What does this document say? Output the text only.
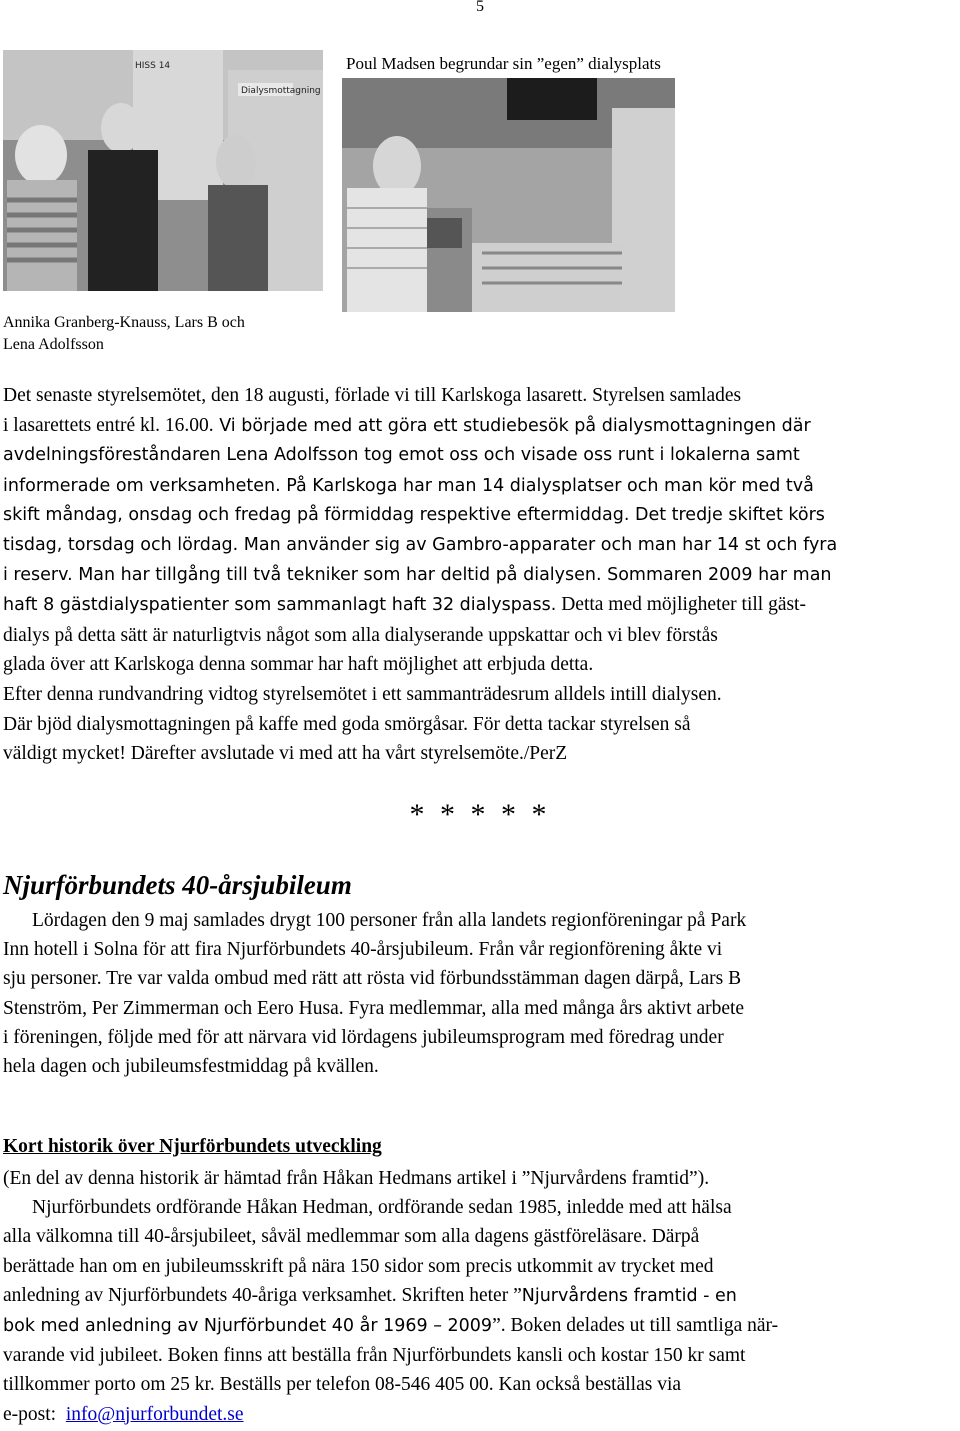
5
Dialysmottagning
HISS 14	Poul Madsen begrundar sin ”egen” dialysplats
Annika Granberg-Knauss, Lars B och
Lena Adolfsson
Det senaste styrelsemötet, den 18 augusti, förlade vi till Karlskoga lasarett. Styrelsen samlades
i lasarettets entré kl. 16.00. Vi började med att göra ett studiebesök på dialysmottagningen där
avdelningsföreståndaren Lena Adolfsson tog emot oss och visade oss runt i lokalerna samt
informerade om verksamheten. På Karlskoga har man 14 dialysplatser och man kör med två
skift måndag, onsdag och fredag på förmiddag respektive eftermiddag. Det tredje skiftet körs
tisdag, torsdag och lördag. Man använder sig av Gambro-apparater och man har 14 st och fyra
i reserv. Man har tillgång till två tekniker som har deltid på dialysen. Sommaren 2009 har man
haft 8 gästdialyspatienter som sammanlagt haft 32 dialyspass. Detta med möjligheter till gäst-
dialys på detta sätt är naturligtvis något som alla dialyserande uppskattar och vi blev förstås
glada över att Karlskoga denna sommar har haft möjlighet att erbjuda detta.
Efter denna rundvandring vidtog styrelsemötet i ett sammanträdesrum alldels intill dialysen.
Där bjöd dialysmottagningen på kaffe med goda smörgåsar. För detta tackar styrelsen så
väldigt mycket! Därefter avslutade vi med att ha vårt styrelsemöte./PerZ
* * * * *
Njurförbundets 40-årsjubileum
Lördagen den 9 maj samlades drygt 100 personer från alla landets regionföreningar på Park
Inn hotell i Solna för att fira Njurförbundets 40-årsjubileum. Från vår regionförening åkte vi
sju personer. Tre var valda ombud med rätt att rösta vid förbundsstämman dagen därpå, Lars B
Stenström, Per Zimmerman och Eero Husa. Fyra medlemmar, alla med många års aktivt arbete
i föreningen, följde med för att närvara vid lördagens jubileumsprogram med föredrag under
hela dagen och jubileumsfestmiddag på kvällen.
Kort historik över Njurförbundets utveckling
(En del av denna historik är hämtad från Håkan Hedmans artikel i ”Njurvårdens framtid”).
Njurförbundets ordförande Håkan Hedman, ordförande sedan 1985, inledde med att hälsa
alla välkomna till 40-årsjubileet, såväl medlemmar som alla dagens gästföreläsare. Därpå
berättade han om en jubileumsskrift på nära 150 sidor som precis utkommit av trycket med
anledning av Njurförbundets 40-åriga verksamhet. Skriften heter ”Njurvårdens framtid - en
bok med anledning av Njurförbundet 40 år 1969 – 2009”. Boken delades ut till samtliga när-
varande vid jubileet. Boken finns att beställa från Njurförbundets kansli och kostar 150 kr samt
tillkommer porto om 25 kr. Beställs per telefon 08-546 405 00. Kan också beställas via
e-post: info@njurforbundet.se
